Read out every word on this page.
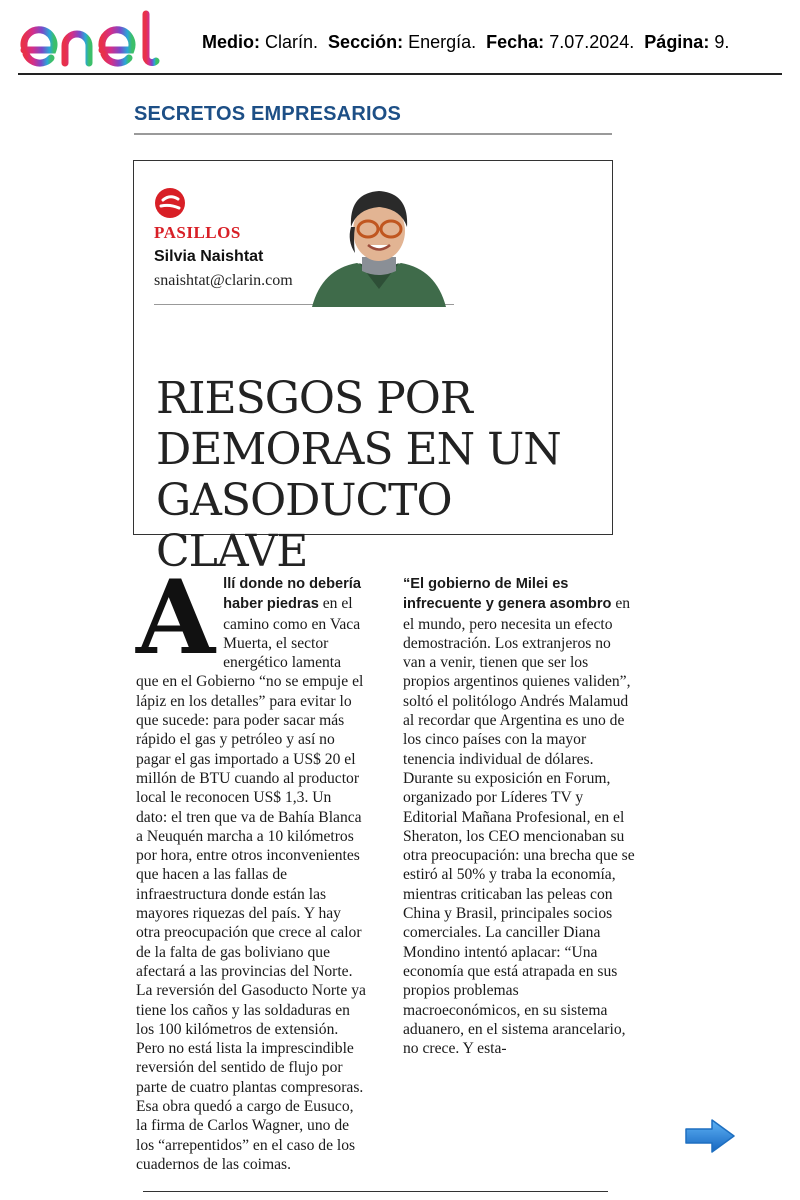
Medio: Clarín. Sección: Energía. Fecha: 7.07.2024. Página: 9.
SECRETOS EMPRESARIOS
PASILLOS
Silvia Naishtat
snaishtat@clarin.com
RIESGOS POR
DEMORAS EN UN
GASODUCTO CLAVE

Allí donde no debería haber piedras en el camino como en Vaca Muerta, el sector energético lamenta que en el Gobierno “no se empuje el lápiz en los detalles” para evitar lo que sucede: para poder sacar más rápido el gas y petróleo y así no pagar el gas importado a US$ 20 el millón de BTU cuando al productor local le reconocen US$ 1,3. Un dato: el tren que va de Bahía Blanca a Neuquén marcha a 10 kilómetros por hora, entre otros inconvenientes que hacen a las fallas de infraestructura donde están las mayores riquezas del país. Y hay otra preocupación que crece al calor de la falta de gas boliviano que afectará a las provincias del Norte. La reversión del Gasoducto Norte ya tiene los caños y las soldaduras en los 100 kilómetros de extensión. Pero no está lista la imprescindible reversión del sentido de flujo por parte de cuatro plantas compresoras. Esa obra quedó a cargo de Eusuco, la firma de Carlos Wagner, uno de los “arrepentidos” en el caso de los cuadernos de las coimas.

“El gobierno de Milei es infrecuente y genera asombro en el mundo, pero necesita un efecto demostración. Los extranjeros no van a venir, tienen que ser los propios argentinos quienes validen”, soltó el politólogo Andrés Malamud al recordar que Argentina es uno de los cinco países con la mayor tenencia individual de dólares. Durante su exposición en Forum, organizado por Líderes TV y Editorial Mañana Profesional, en el Sheraton, los CEO mencionaban su otra preocupación: una brecha que se estiró al 50% y traba la economía, mientras criticaban las peleas con China y Brasil, principales socios comerciales. La canciller Diana Mondino intentó aplacar: “Una economía que está atrapada en sus propios problemas macroeconómicos, en su sistema aduanero, en el sistema arancelario, no crece. Y esta-
